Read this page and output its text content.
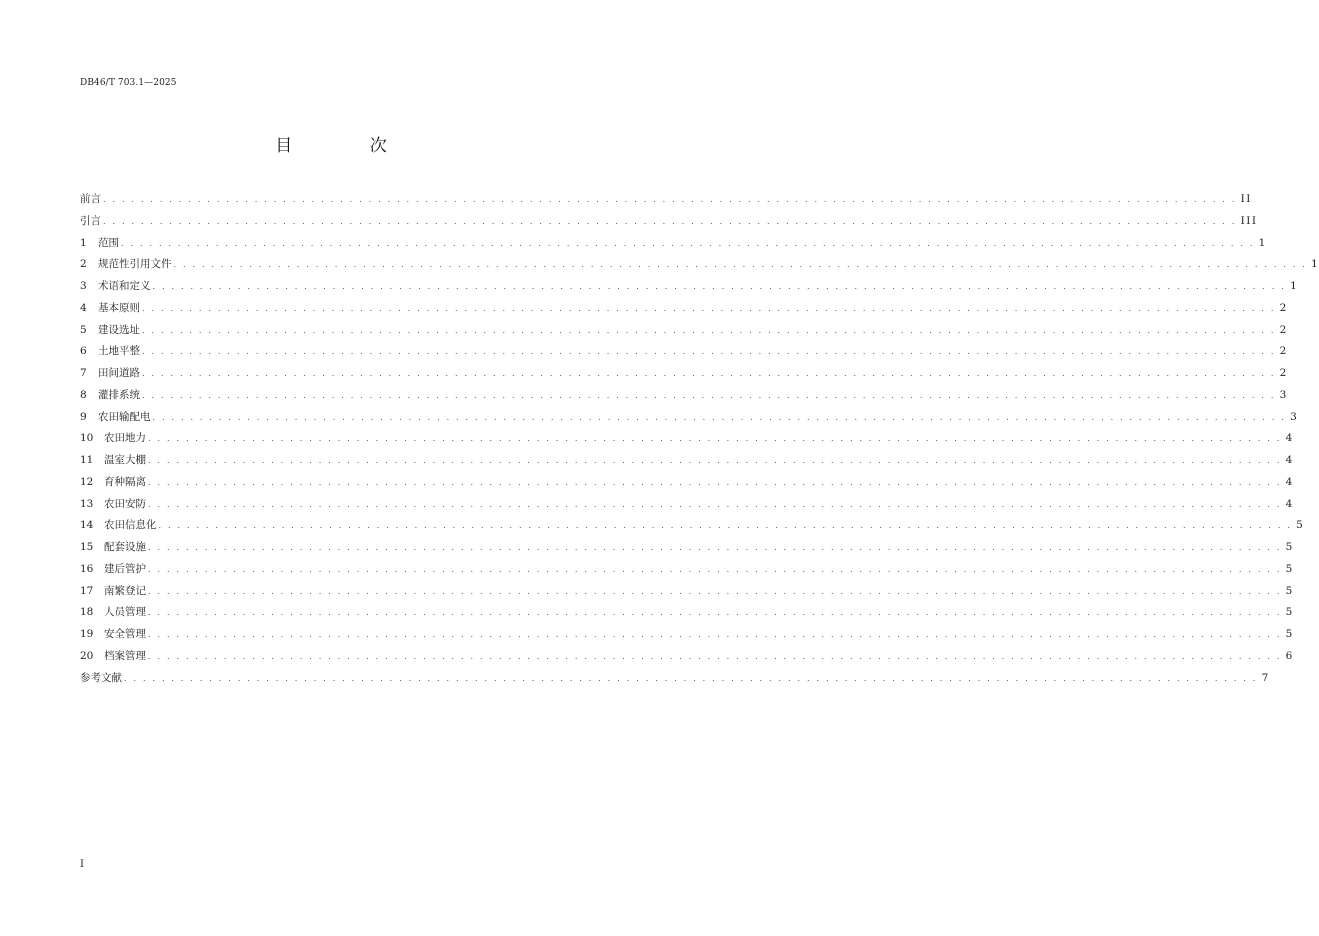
DB46/T 703.1—2025
目 次
前言 . . . . . . . . . . . . . . . . . . . . . . . . . . . . . . . . . . . . . . . . . . . . . . . . . . . . . . . . . . . . . . . . . . . . . . . . . . . . . . . . . . . . . . . . . . . . . . . . . . . . . . . . . . . . . . . . . . . . . . . . II
引言 . . . . . . . . . . . . . . . . . . . . . . . . . . . . . . . . . . . . . . . . . . . . . . . . . . . . . . . . . . . . . . . . . . . . . . . . . . . . . . . . . . . . . . . . . . . . . . . . . . . . . . . . . . . . . . . . . . . . . . . . III
1	范围 . . . . . . . . . . . . . . . . . . . . . . . . . . . . . . . . . . . . . . . . . . . . . . . . . . . . . . . . . . . . . . . . . . . . . . . . . . . . . . . . . . . . . . . . . . . . . . . . . . . . . . . . . . . . . . . . . . . . . . . . 1
2	规范性引用文件 . . . . . . . . . . . . . . . . . . . . . . . . . . . . . . . . . . . . . . . . . . . . . . . . . . . . . . . . . . . . . . . . . . . . . . . . . . . . . . . . . . . . . . . . . . . . . . . . . . . . . . . . . . . . . . . . . . . . . . . . 1
3	术语和定义 . . . . . . . . . . . . . . . . . . . . . . . . . . . . . . . . . . . . . . . . . . . . . . . . . . . . . . . . . . . . . . . . . . . . . . . . . . . . . . . . . . . . . . . . . . . . . . . . . . . . . . . . . . . . . . . . . . . . . . . . 1
4	基本原则 . . . . . . . . . . . . . . . . . . . . . . . . . . . . . . . . . . . . . . . . . . . . . . . . . . . . . . . . . . . . . . . . . . . . . . . . . . . . . . . . . . . . . . . . . . . . . . . . . . . . . . . . . . . . . . . . . . . . . . . . 2
5	建设选址 . . . . . . . . . . . . . . . . . . . . . . . . . . . . . . . . . . . . . . . . . . . . . . . . . . . . . . . . . . . . . . . . . . . . . . . . . . . . . . . . . . . . . . . . . . . . . . . . . . . . . . . . . . . . . . . . . . . . . . . . 2
6	土地平整 . . . . . . . . . . . . . . . . . . . . . . . . . . . . . . . . . . . . . . . . . . . . . . . . . . . . . . . . . . . . . . . . . . . . . . . . . . . . . . . . . . . . . . . . . . . . . . . . . . . . . . . . . . . . . . . . . . . . . . . . 2
7	田间道路 . . . . . . . . . . . . . . . . . . . . . . . . . . . . . . . . . . . . . . . . . . . . . . . . . . . . . . . . . . . . . . . . . . . . . . . . . . . . . . . . . . . . . . . . . . . . . . . . . . . . . . . . . . . . . . . . . . . . . . . . 2
8	灌排系统 . . . . . . . . . . . . . . . . . . . . . . . . . . . . . . . . . . . . . . . . . . . . . . . . . . . . . . . . . . . . . . . . . . . . . . . . . . . . . . . . . . . . . . . . . . . . . . . . . . . . . . . . . . . . . . . . . . . . . . . . 3
9	农田输配电 . . . . . . . . . . . . . . . . . . . . . . . . . . . . . . . . . . . . . . . . . . . . . . . . . . . . . . . . . . . . . . . . . . . . . . . . . . . . . . . . . . . . . . . . . . . . . . . . . . . . . . . . . . . . . . . . . . . . . . . . 3
10	农田地力 . . . . . . . . . . . . . . . . . . . . . . . . . . . . . . . . . . . . . . . . . . . . . . . . . . . . . . . . . . . . . . . . . . . . . . . . . . . . . . . . . . . . . . . . . . . . . . . . . . . . . . . . . . . . . . . . . . . . . . . . 4
11	温室大棚 . . . . . . . . . . . . . . . . . . . . . . . . . . . . . . . . . . . . . . . . . . . . . . . . . . . . . . . . . . . . . . . . . . . . . . . . . . . . . . . . . . . . . . . . . . . . . . . . . . . . . . . . . . . . . . . . . . . . . . . . 4
12	育种隔离 . . . . . . . . . . . . . . . . . . . . . . . . . . . . . . . . . . . . . . . . . . . . . . . . . . . . . . . . . . . . . . . . . . . . . . . . . . . . . . . . . . . . . . . . . . . . . . . . . . . . . . . . . . . . . . . . . . . . . . . . 4
13	农田安防 . . . . . . . . . . . . . . . . . . . . . . . . . . . . . . . . . . . . . . . . . . . . . . . . . . . . . . . . . . . . . . . . . . . . . . . . . . . . . . . . . . . . . . . . . . . . . . . . . . . . . . . . . . . . . . . . . . . . . . . . 4
14	农田信息化 . . . . . . . . . . . . . . . . . . . . . . . . . . . . . . . . . . . . . . . . . . . . . . . . . . . . . . . . . . . . . . . . . . . . . . . . . . . . . . . . . . . . . . . . . . . . . . . . . . . . . . . . . . . . . . . . . . . . . . . . 5
15	配套设施 . . . . . . . . . . . . . . . . . . . . . . . . . . . . . . . . . . . . . . . . . . . . . . . . . . . . . . . . . . . . . . . . . . . . . . . . . . . . . . . . . . . . . . . . . . . . . . . . . . . . . . . . . . . . . . . . . . . . . . . . 5
16	建后管护 . . . . . . . . . . . . . . . . . . . . . . . . . . . . . . . . . . . . . . . . . . . . . . . . . . . . . . . . . . . . . . . . . . . . . . . . . . . . . . . . . . . . . . . . . . . . . . . . . . . . . . . . . . . . . . . . . . . . . . . . 5
17	南繁登记 . . . . . . . . . . . . . . . . . . . . . . . . . . . . . . . . . . . . . . . . . . . . . . . . . . . . . . . . . . . . . . . . . . . . . . . . . . . . . . . . . . . . . . . . . . . . . . . . . . . . . . . . . . . . . . . . . . . . . . . . 5
18	人员管理 . . . . . . . . . . . . . . . . . . . . . . . . . . . . . . . . . . . . . . . . . . . . . . . . . . . . . . . . . . . . . . . . . . . . . . . . . . . . . . . . . . . . . . . . . . . . . . . . . . . . . . . . . . . . . . . . . . . . . . . . 5
19	安全管理 . . . . . . . . . . . . . . . . . . . . . . . . . . . . . . . . . . . . . . . . . . . . . . . . . . . . . . . . . . . . . . . . . . . . . . . . . . . . . . . . . . . . . . . . . . . . . . . . . . . . . . . . . . . . . . . . . . . . . . . . 5
20	档案管理 . . . . . . . . . . . . . . . . . . . . . . . . . . . . . . . . . . . . . . . . . . . . . . . . . . . . . . . . . . . . . . . . . . . . . . . . . . . . . . . . . . . . . . . . . . . . . . . . . . . . . . . . . . . . . . . . . . . . . . . . 6
参考文献 . . . . . . . . . . . . . . . . . . . . . . . . . . . . . . . . . . . . . . . . . . . . . . . . . . . . . . . . . . . . . . . . . . . . . . . . . . . . . . . . . . . . . . . . . . . . . . . . . . . . . . . . . . . . . . . . . . . . . . . . 7
I
